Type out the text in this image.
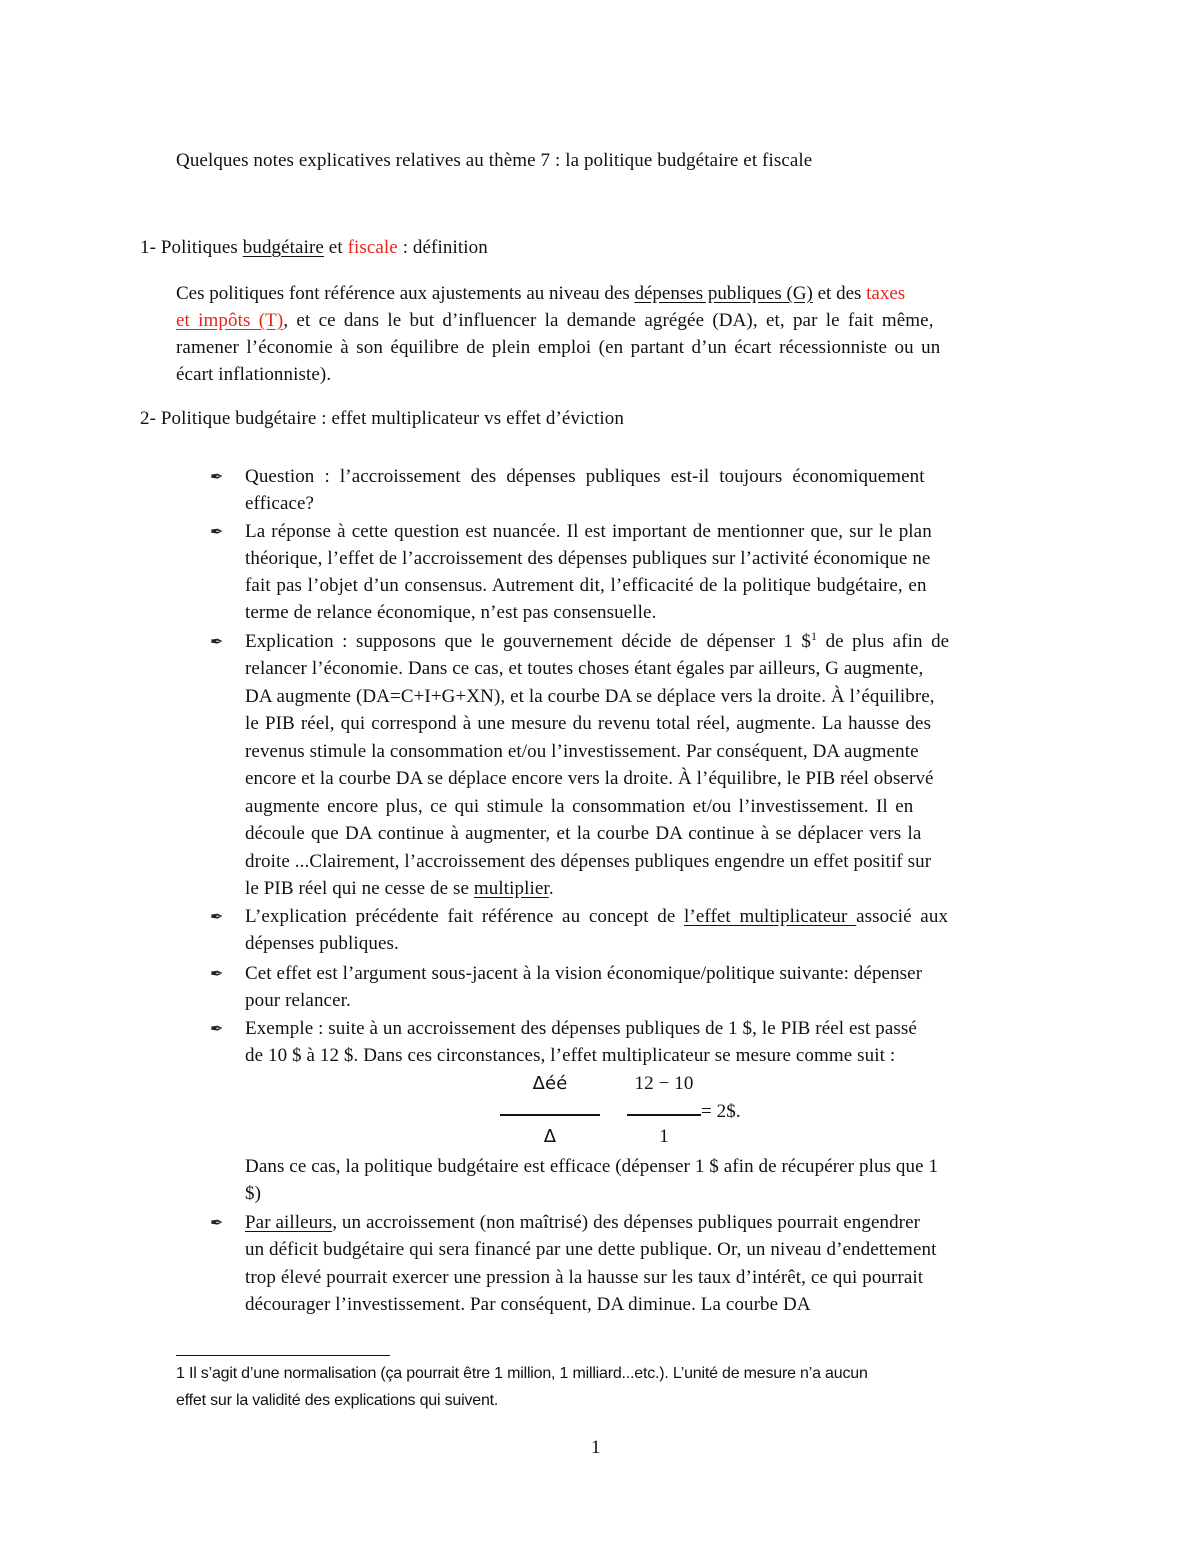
Quelques notes explicatives relatives au thème 7 : la politique budgétaire et fiscale
1- Politiques budgétaire et fiscale : définition
Ces politiques font référence aux ajustements au niveau des dépenses publiques (G) et des taxes
et impôts (T), et ce dans le but d’influencer la demande agrégée (DA), et, par le fait même,
ramener l’économie à son équilibre de plein emploi (en partant d’un écart récessionniste ou un
écart inflationniste).
2- Politique budgétaire : effet multiplicateur vs effet d’éviction
✒ Question : l’accroissement des dépenses publiques est-il toujours économiquement
efficace?
✒ La réponse à cette question est nuancée. Il est important de mentionner que, sur le plan
théorique, l’effet de l’accroissement des dépenses publiques sur l’activité économique ne
fait pas l’objet d’un consensus. Autrement dit, l’efficacité de la politique budgétaire, en
terme de relance économique, n’est pas consensuelle.
✒ Explication : supposons que le gouvernement décide de dépenser 1 \$$^1$ de plus afin de
relancer l’économie. Dans ce cas, et toutes choses étant égales par ailleurs, G augmente,
DA augmente (DA=C+I+G+XN), et la courbe DA se déplace vers la droite. À l’équilibre,
le PIB réel, qui correspond à une mesure du revenu total réel, augmente. La hausse des
revenus stimule la consommation et/ou l’investissement. Par conséquent, DA augmente
encore et la courbe DA se déplace encore vers la droite. À l’équilibre, le PIB réel observé
augmente encore plus, ce qui stimule la consommation et/ou l’investissement. Il en
découle que DA continue à augmenter, et la courbe DA continue à se déplacer vers la
droite ...Clairement, l’accroissement des dépenses publiques engendre un effet positif sur
le PIB réel qui ne cesse de se multiplier.
✒ L’explication précédente fait référence au concept de l’effet multiplicateur associé aux
dépenses publiques.
✒ Cet effet est l’argument sous-jacent à la vision économique/politique suivante: dépenser
pour relancer.
✒ Exemple : suite à un accroissement des dépenses publiques de 1 $, le PIB réel est passé
de 10 $ à 12 $. Dans ces circonstances, l’effet multiplicateur se mesure comme suit :
Δéé
Δ
12 − 10
1
= 2$.
Dans ce cas, la politique budgétaire est efficace (dépenser 1 $ afin de récupérer plus que 1
$)
✒ Par ailleurs, un accroissement (non maîtrisé) des dépenses publiques pourrait engendrer
un déficit budgétaire qui sera financé par une dette publique. Or, un niveau d’endettement
trop élevé pourrait exercer une pression à la hausse sur les taux d’intérêt, ce qui pourrait
décourager l’investissement. Par conséquent, DA diminue. La courbe DA
1 Il s’agit d’une normalisation (ça pourrait être 1 million, 1 milliard...etc.). L’unité de mesure n’a aucun
effet sur la validité des explications qui suivent.
1
